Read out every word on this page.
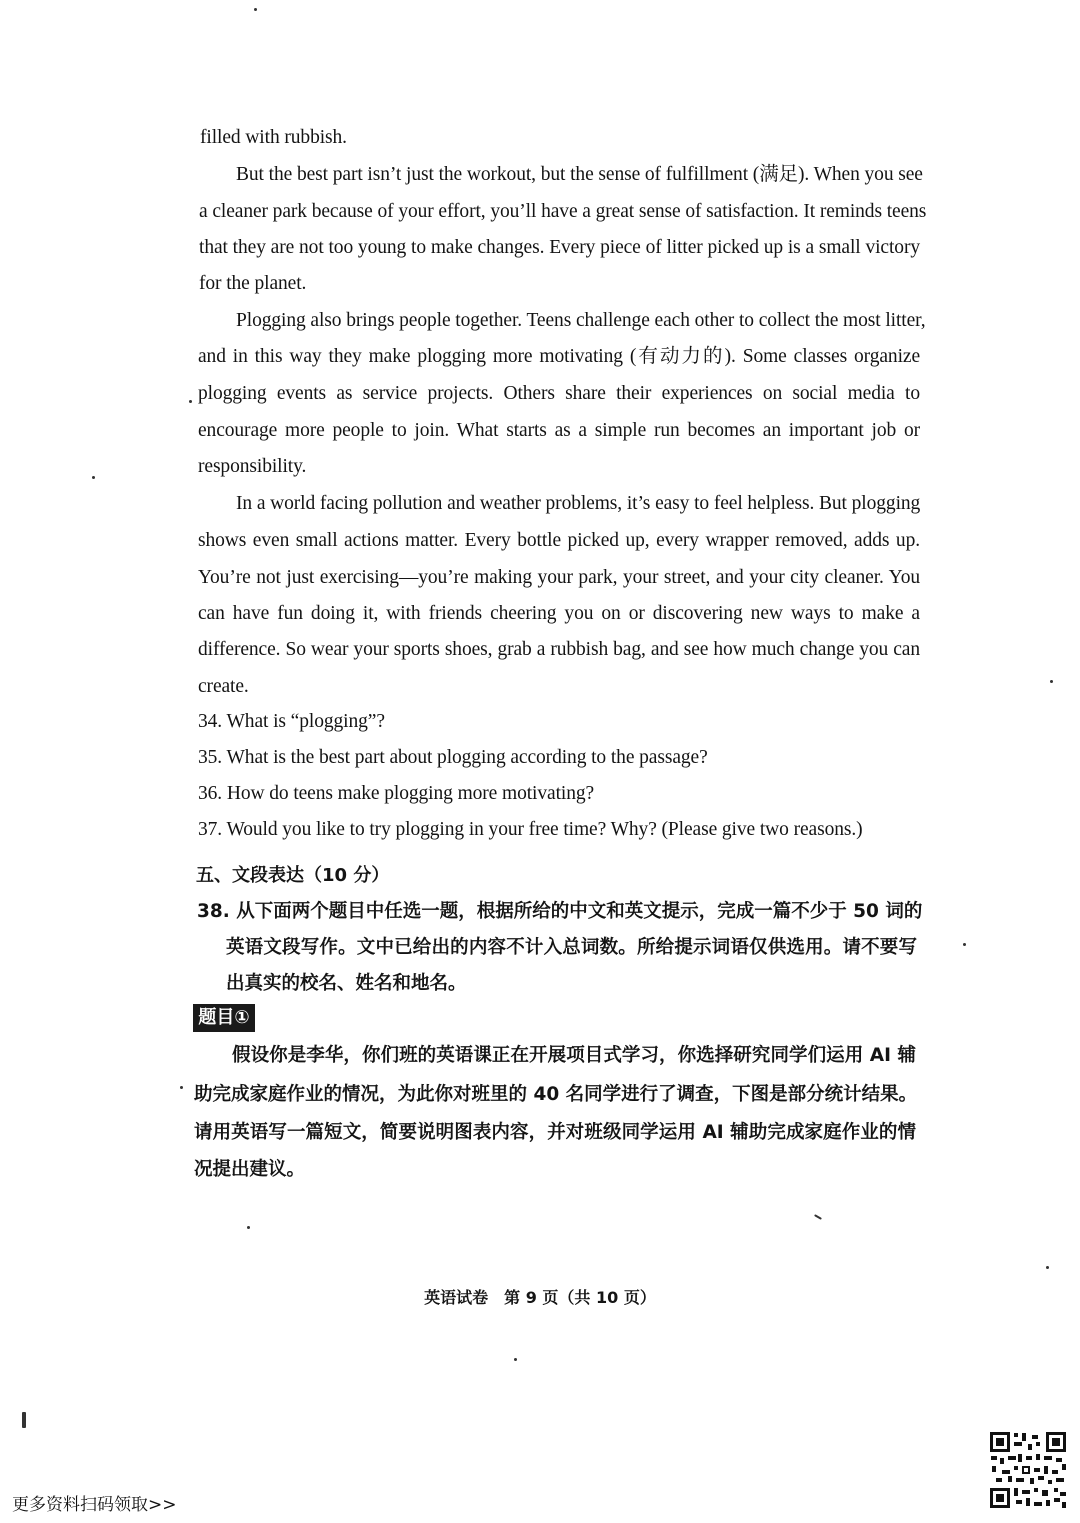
filled with rubbish.
But the best part isn’t just the workout, but the sense of fulfillment (满足). When you see
a cleaner park because of your effort, you’ll have a great sense of satisfaction. It reminds teens
that they are not too young to make changes. Every piece of litter picked up is a small victory
for the planet.
Plogging also brings people together. Teens challenge each other to collect the most litter,
and in this way they make plogging more motivating (有动力的). Some classes organize
plogging events as service projects. Others share their experiences on social media to
encourage more people to join. What starts as a simple run becomes an important job or
responsibility.
In a world facing pollution and weather problems, it’s easy to feel helpless. But plogging
shows even small actions matter. Every bottle picked up, every wrapper removed, adds up.
You’re not just exercising—you’re making your park, your street, and your city cleaner. You
can have fun doing it, with friends cheering you on or discovering new ways to make a
difference. So wear your sports shoes, grab a rubbish bag, and see how much change you can
create.
34. What is “plogging”?
35. What is the best part about plogging according to the passage?
36. How do teens make plogging more motivating?
37. Would you like to try plogging in your free time? Why? (Please give two reasons.)
五、文段表达（10 分）
38. 从下面两个题目中任选一题，根据所给的中文和英文提示，完成一篇不少于 50 词的
英语文段写作。文中已给出的内容不计入总词数。所给提示词语仅供选用。请不要写
出真实的校名、姓名和地名。
题目①
假设你是李华，你们班的英语课正在开展项目式学习，你选择研究同学们运用 AI 辅
助完成家庭作业的情况，为此你对班里的 40 名同学进行了调查，下图是部分统计结果。
请用英语写一篇短文，简要说明图表内容，并对班级同学运用 AI 辅助完成家庭作业的情
况提出建议。
英语试卷　第 9 页（共 10 页）
更多资料扫码领取>>
